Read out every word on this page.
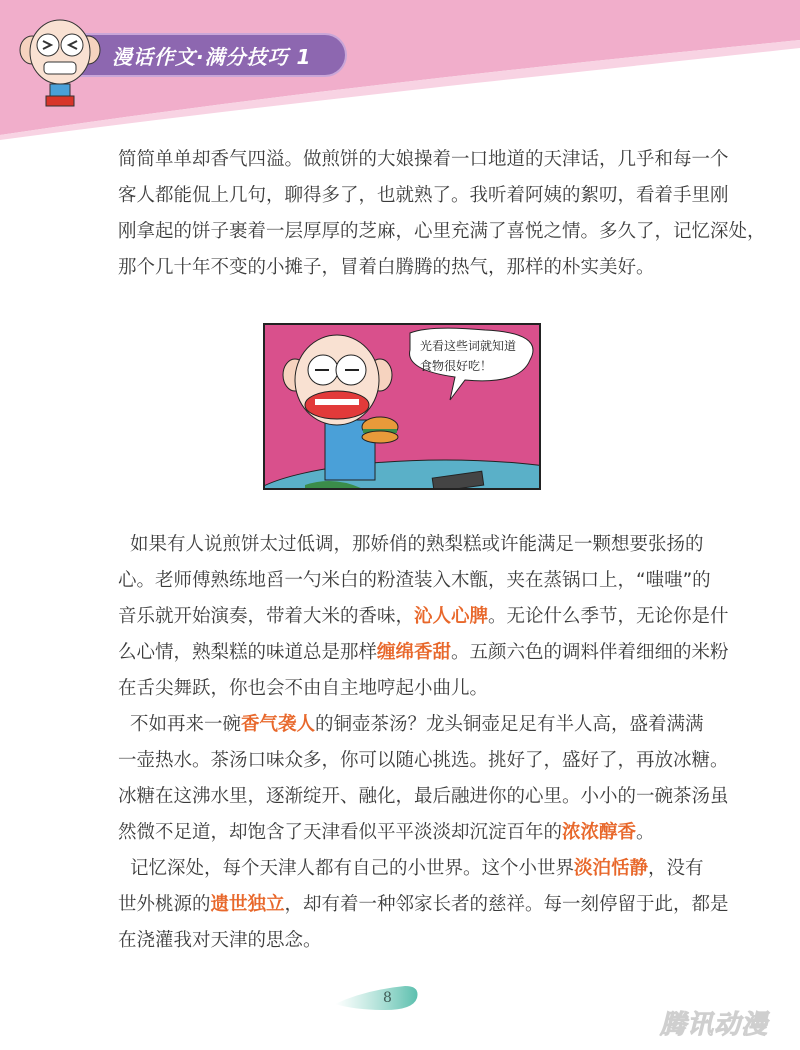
漫话作文·满分技巧 1
简简单单却香气四溢。做煎饼的大娘操着一口地道的天津话，几乎和每一个
客人都能侃上几句，聊得多了，也就熟了。我听着阿姨的絮叨，看着手里刚
刚拿起的饼子裹着一层厚厚的芝麻，心里充满了喜悦之情。多久了，记忆深处，
那个几十年不变的小摊子，冒着白腾腾的热气，那样的朴实美好。
如果有人说煎饼太过低调，那娇俏的熟梨糕或许能满足一颗想要张扬的
心。老师傅熟练地舀一勺米白的粉渣装入木甑，夹在蒸锅口上，“嗤嗤”的
音乐就开始演奏，带着大米的香味，沁人心脾。无论什么季节，无论你是什
么心情，熟梨糕的味道总是那样缠绵香甜。五颜六色的调料伴着细细的米粉
在舌尖舞跃，你也会不由自主地哼起小曲儿。
不如再来一碗香气袭人的铜壶茶汤？龙头铜壶足足有半人高，盛着满满
一壶热水。茶汤口味众多，你可以随心挑选。挑好了，盛好了，再放冰糖。
冰糖在这沸水里，逐渐绽开、融化，最后融进你的心里。小小的一碗茶汤虽
然微不足道，却饱含了天津看似平平淡淡却沉淀百年的浓浓醇香。
记忆深处，每个天津人都有自己的小世界。这个小世界淡泊恬静，没有
世外桃源的遗世独立，却有着一种邻家长者的慈祥。每一刻停留于此，都是
在浇灌我对天津的思念。
光看这些词就知道
食物很好吃！
8
腾讯动漫
